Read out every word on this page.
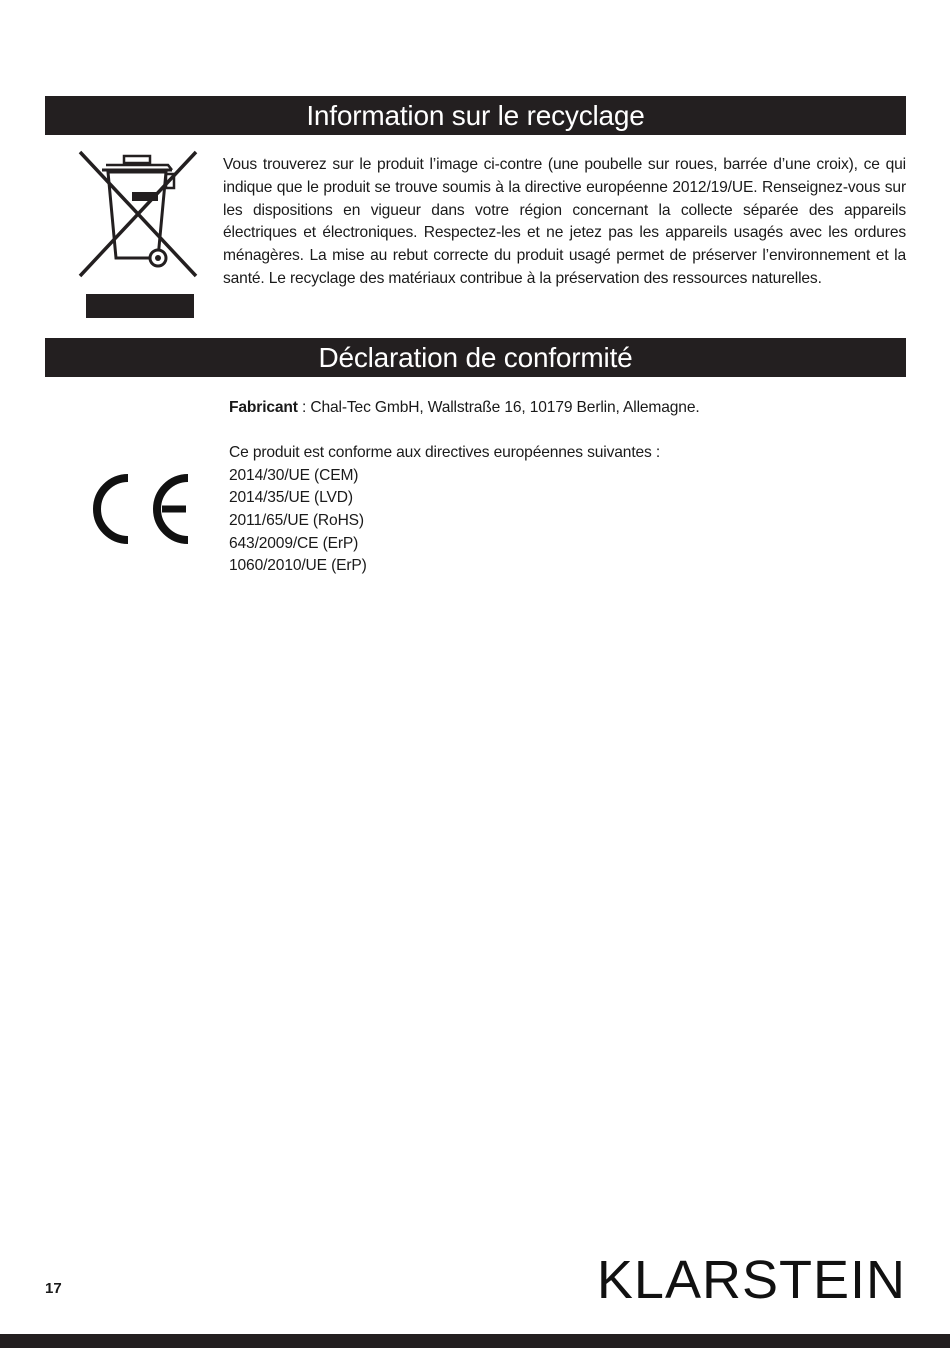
Information sur le recyclage
Vous trouverez sur le produit l’image ci-contre (une poubelle sur roues, barrée d’une croix), ce qui indique que le produit se trouve soumis à la directive européenne 2012/19/UE. Renseignez-vous sur les dispositions en vigueur dans votre région concernant la collecte séparée des appareils électriques et électroniques. Respectez-les et ne jetez pas les appareils usagés avec les ordures ménagères. La mise au rebut correcte du produit usagé permet de préserver l’environnement et la santé. Le recyclage des matériaux contribue à la préservation des ressources naturelles.
Déclaration de conformité

Fabricant : Chal-Tec GmbH, Wallstraße 16, 10179 Berlin, Allemagne.

Ce produit est conforme aux directives européennes suivantes :

2014/30/UE (CEM)
2014/35/UE (LVD)
2011/65/UE (RoHS)
643/2009/CE (ErP)
1060/2010/UE (ErP)
17	KLARSTEIN
